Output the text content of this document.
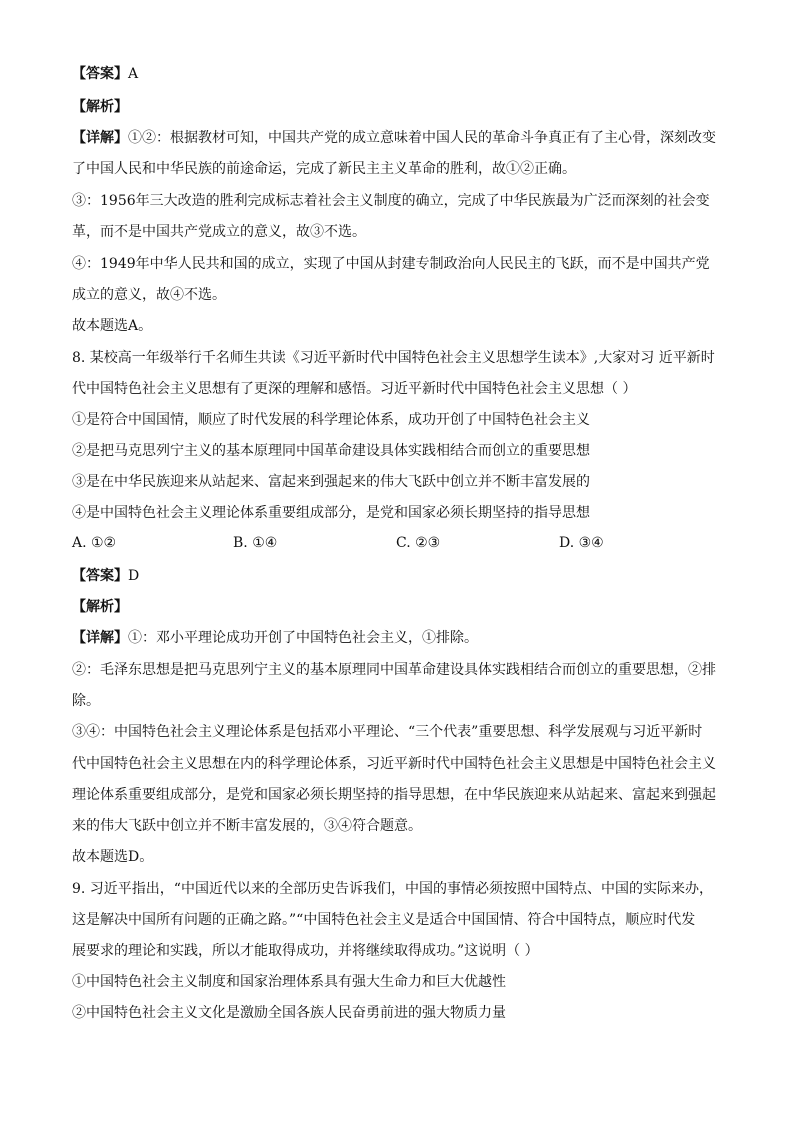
【答案】A
【解析】
【详解】①②：根据教材可知，中国共产党的成立意味着中国人民的革命斗争真正有了主心骨，深刻改变
了中国人民和中华民族的前途命运，完成了新民主主义革命的胜利，故①②正确。
③：1956年三大改造的胜利完成标志着社会主义制度的确立，完成了中华民族最为广泛而深刻的社会变
革，而不是中国共产党成立的意义，故③不选。
④：1949年中华人民共和国的成立，实现了中国从封建专制政治向人民民主的飞跃，而不是中国共产党
成立的意义，故④不选。
故本题选A。
8. 某校高一年级举行千名师生共读《习近平新时代中国特色社会主义思想学生读本》,大家对习 近平新时
代中国特色社会主义思想有了更深的理解和感悟。习近平新时代中国特色社会主义思想（ ）
①是符合中国国情，顺应了时代发展的科学理论体系，成功开创了中国特色社会主义
②是把马克思列宁主义的基本原理同中国革命建设具体实践相结合而创立的重要思想
③是在中华民族迎来从站起来、富起来到强起来的伟大飞跃中创立并不断丰富发展的
④是中国特色社会主义理论体系重要组成部分，是党和国家必须长期坚持的指导思想
A. ①②	B. ①④	C. ②③	D. ③④
【答案】D
【解析】
【详解】①：邓小平理论成功开创了中国特色社会主义，①排除。
②：毛泽东思想是把马克思列宁主义的基本原理同中国革命建设具体实践相结合而创立的重要思想，②排
除。
③④：中国特色社会主义理论体系是包括邓小平理论、“三个代表”重要思想、科学发展观与习近平新时
代中国特色社会主义思想在内的科学理论体系，习近平新时代中国特色社会主义思想是中国特色社会主义
理论体系重要组成部分，是党和国家必须长期坚持的指导思想，在中华民族迎来从站起来、富起来到强起
来的伟大飞跃中创立并不断丰富发展的，③④符合题意。
故本题选D。
9. 习近平指出，“中国近代以来的全部历史告诉我们，中国的事情必须按照中国特点、中国的实际来办，
这是解决中国所有问题的正确之路。”“中国特色社会主义是适合中国国情、符合中国特点，顺应时代发
展要求的理论和实践，所以才能取得成功，并将继续取得成功。”这说明（ ）
①中国特色社会主义制度和国家治理体系具有强大生命力和巨大优越性
②中国特色社会主义文化是激励全国各族人民奋勇前进的强大物质力量
